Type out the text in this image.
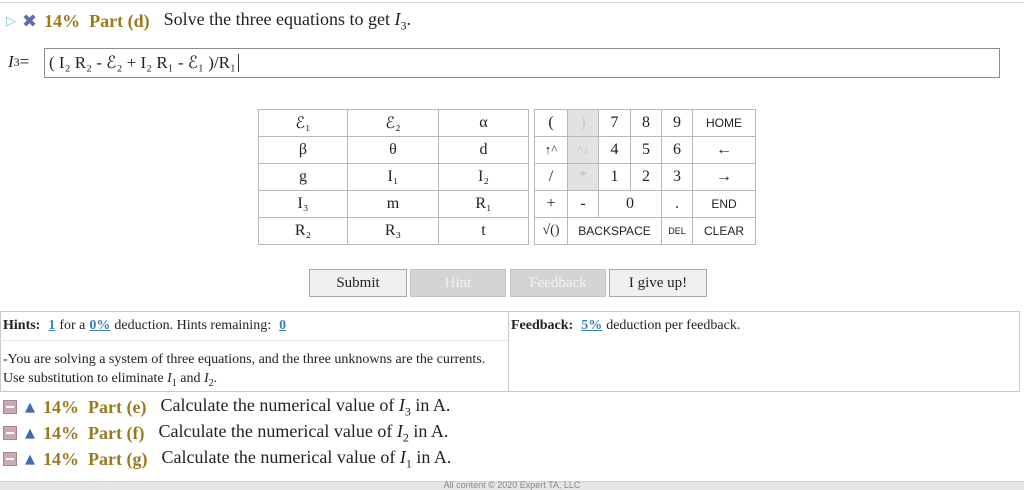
▷ ✖ 14% Part (d) Solve the three equations to get $I_3$.
I 3 = ( I₂ R₂ - ℰ₂ + I₂ R₁ - ℰ₁ )/R₁
ℰ₁	ℰ₂	α
β	θ	d
g	I₁	I₂
I₃	m	R₁
R₂	R₃	t
(	)	7	8	9	HOME
↑^	^↓	4	5	6	←
/	*	1	2	3	→
+	-	0		.	END
√()	BACKSPACE			DEL	CLEAR
Submit	Hint	Feedback	I give up!
Hints: 1 for a 0% deduction. Hints remaining: 0
-You are solving a system of three equations, and the three unknowns are the currents. Use substitution to eliminate $I_1$ and $I_2$.
Feedback: 5% deduction per feedback.
▲ 14% Part (e) Calculate the numerical value of $I_3$ in A.
▲ 14% Part (f) Calculate the numerical value of $I_2$ in A.
▲ 14% Part (g) Calculate the numerical value of $I_1$ in A.
All content © 2020 Expert TA, LLC
